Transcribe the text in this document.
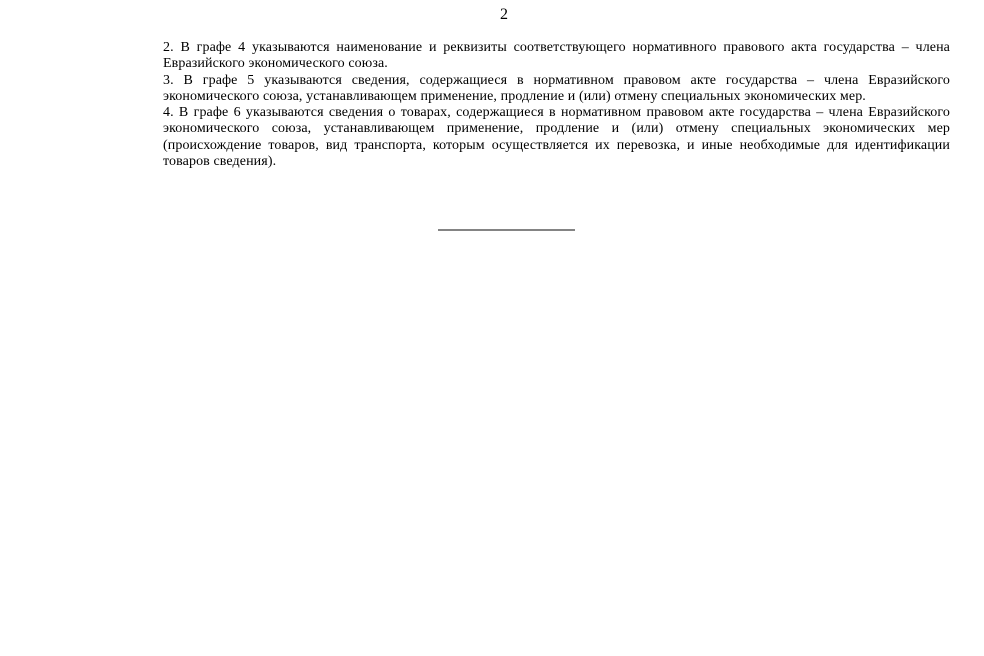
2

2. В графе 4 указываются наименование и реквизиты соответствующего нормативного правового акта государства – члена Евразийского экономического союза.

3. В графе 5 указываются сведения, содержащиеся в нормативном правовом акте государства – члена Евразийского экономического союза, устанавливающем применение, продление и (или) отмену специальных экономических мер.

4. В графе 6 указываются сведения о товарах, содержащиеся в нормативном правовом акте государства – члена Евразийского экономического союза, устанавливающем применение, продление и (или) отмену специальных экономических мер (происхождение товаров, вид транспорта, которым осуществляется их перевозка, и иные необходимые для идентификации товаров сведения).
